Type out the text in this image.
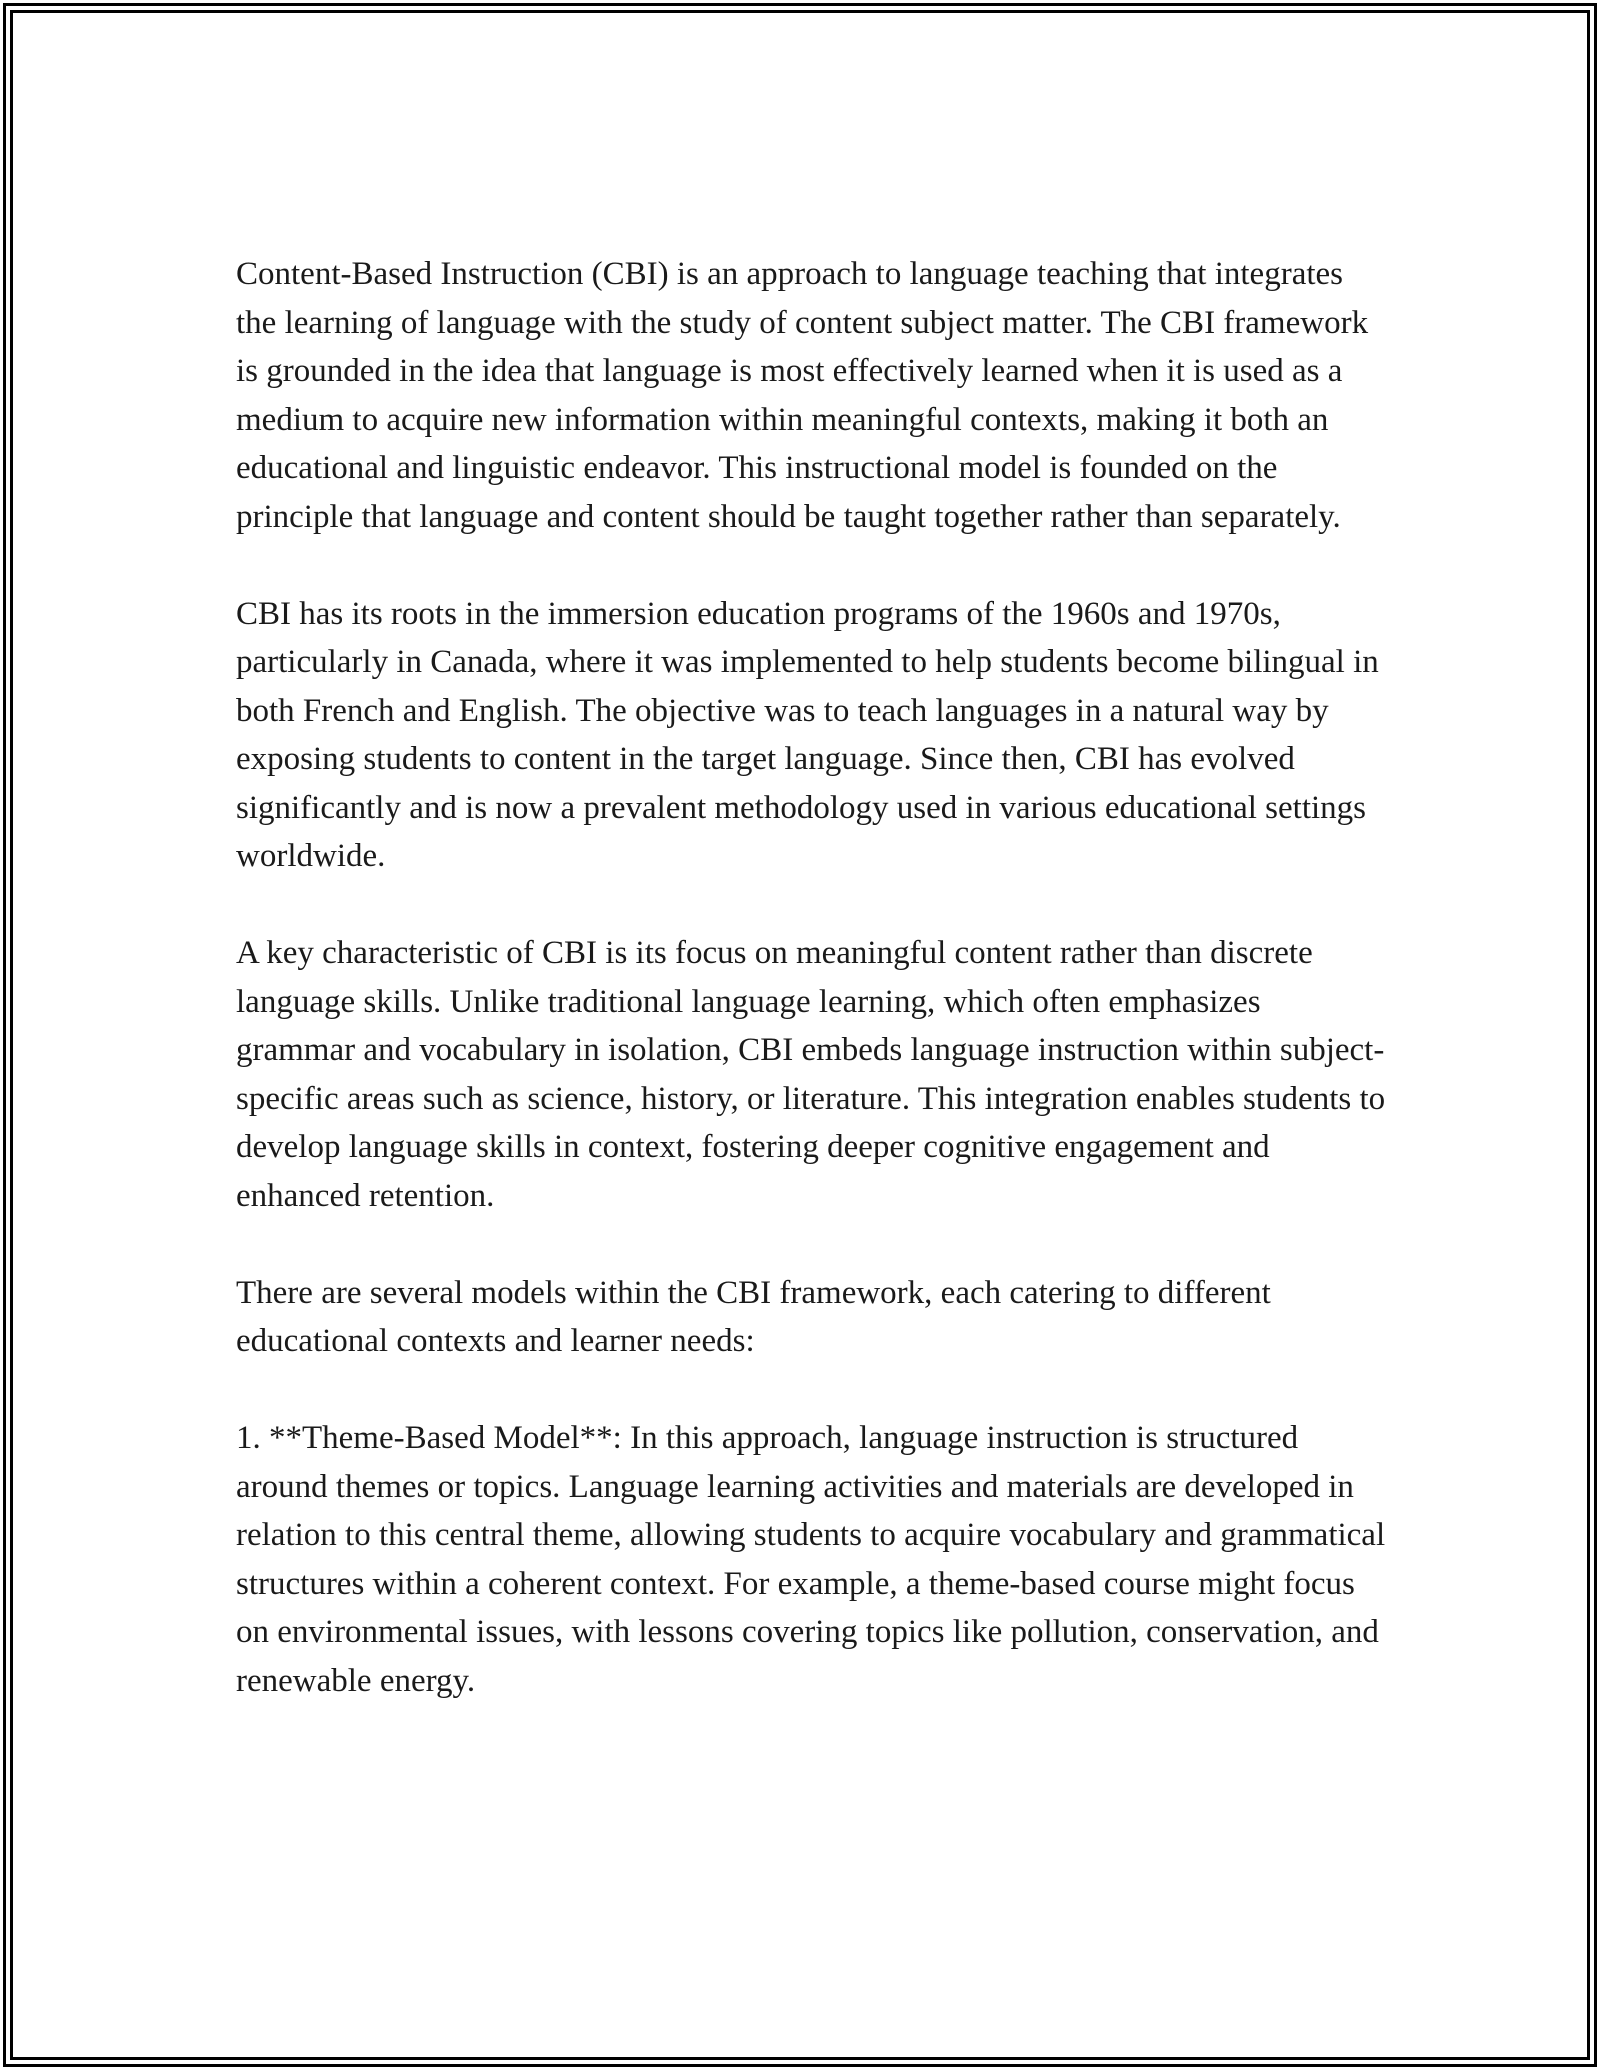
Content-Based Instruction (CBI) is an approach to language teaching that integrates the learning of language with the study of content subject matter. The CBI framework is grounded in the idea that language is most effectively learned when it is used as a medium to acquire new information within meaningful contexts, making it both an educational and linguistic endeavor. This instructional model is founded on the principle that language and content should be taught together rather than separately.

CBI has its roots in the immersion education programs of the 1960s and 1970s, particularly in Canada, where it was implemented to help students become bilingual in both French and English. The objective was to teach languages in a natural way by exposing students to content in the target language. Since then, CBI has evolved significantly and is now a prevalent methodology used in various educational settings worldwide.

A key characteristic of CBI is its focus on meaningful content rather than discrete language skills. Unlike traditional language learning, which often emphasizes grammar and vocabulary in isolation, CBI embeds language instruction within subject-specific areas such as science, history, or literature. This integration enables students to develop language skills in context, fostering deeper cognitive engagement and enhanced retention.

There are several models within the CBI framework, each catering to different educational contexts and learner needs:

1. **Theme-Based Model**: In this approach, language instruction is structured around themes or topics. Language learning activities and materials are developed in relation to this central theme, allowing students to acquire vocabulary and grammatical structures within a coherent context. For example, a theme-based course might focus on environmental issues, with lessons covering topics like pollution, conservation, and renewable energy.
